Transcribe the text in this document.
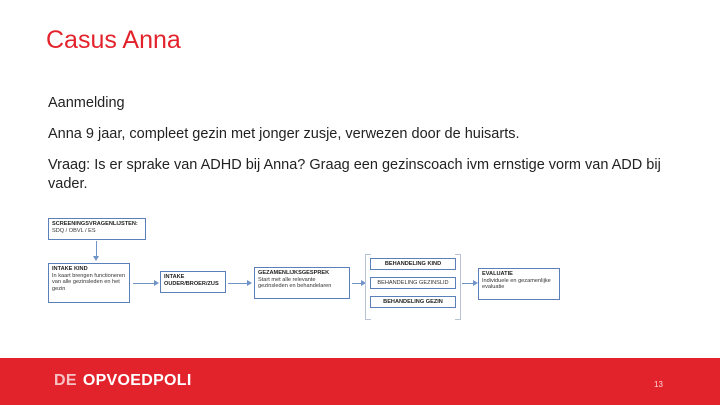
Casus Anna
Aanmelding
Anna 9 jaar, compleet gezin met jonger zusje, verwezen door de huisarts.
Vraag: Is er sprake van ADHD bij Anna? Graag een gezinscoach ivm ernstige vorm van ADD bij vader.
SCREENINGSVRAGENLIJSTEN:
SDQ / OBVL / ES
INTAKE KIND
In kaart brengen functioneren van alle gezinsleden en het gezin
INTAKE
OUDER/BROER/ZUS
GEZAMENLIJKSGESPREK
Start met alle relevante gezinsleden en behandelaren
BEHANDELING KIND
BEHANDELING GEZINSLID
BEHANDELING GEZIN
EVALUATIE
Individuele en gezamenlijke evaluatie
DE OPVOEDPOLI	13
